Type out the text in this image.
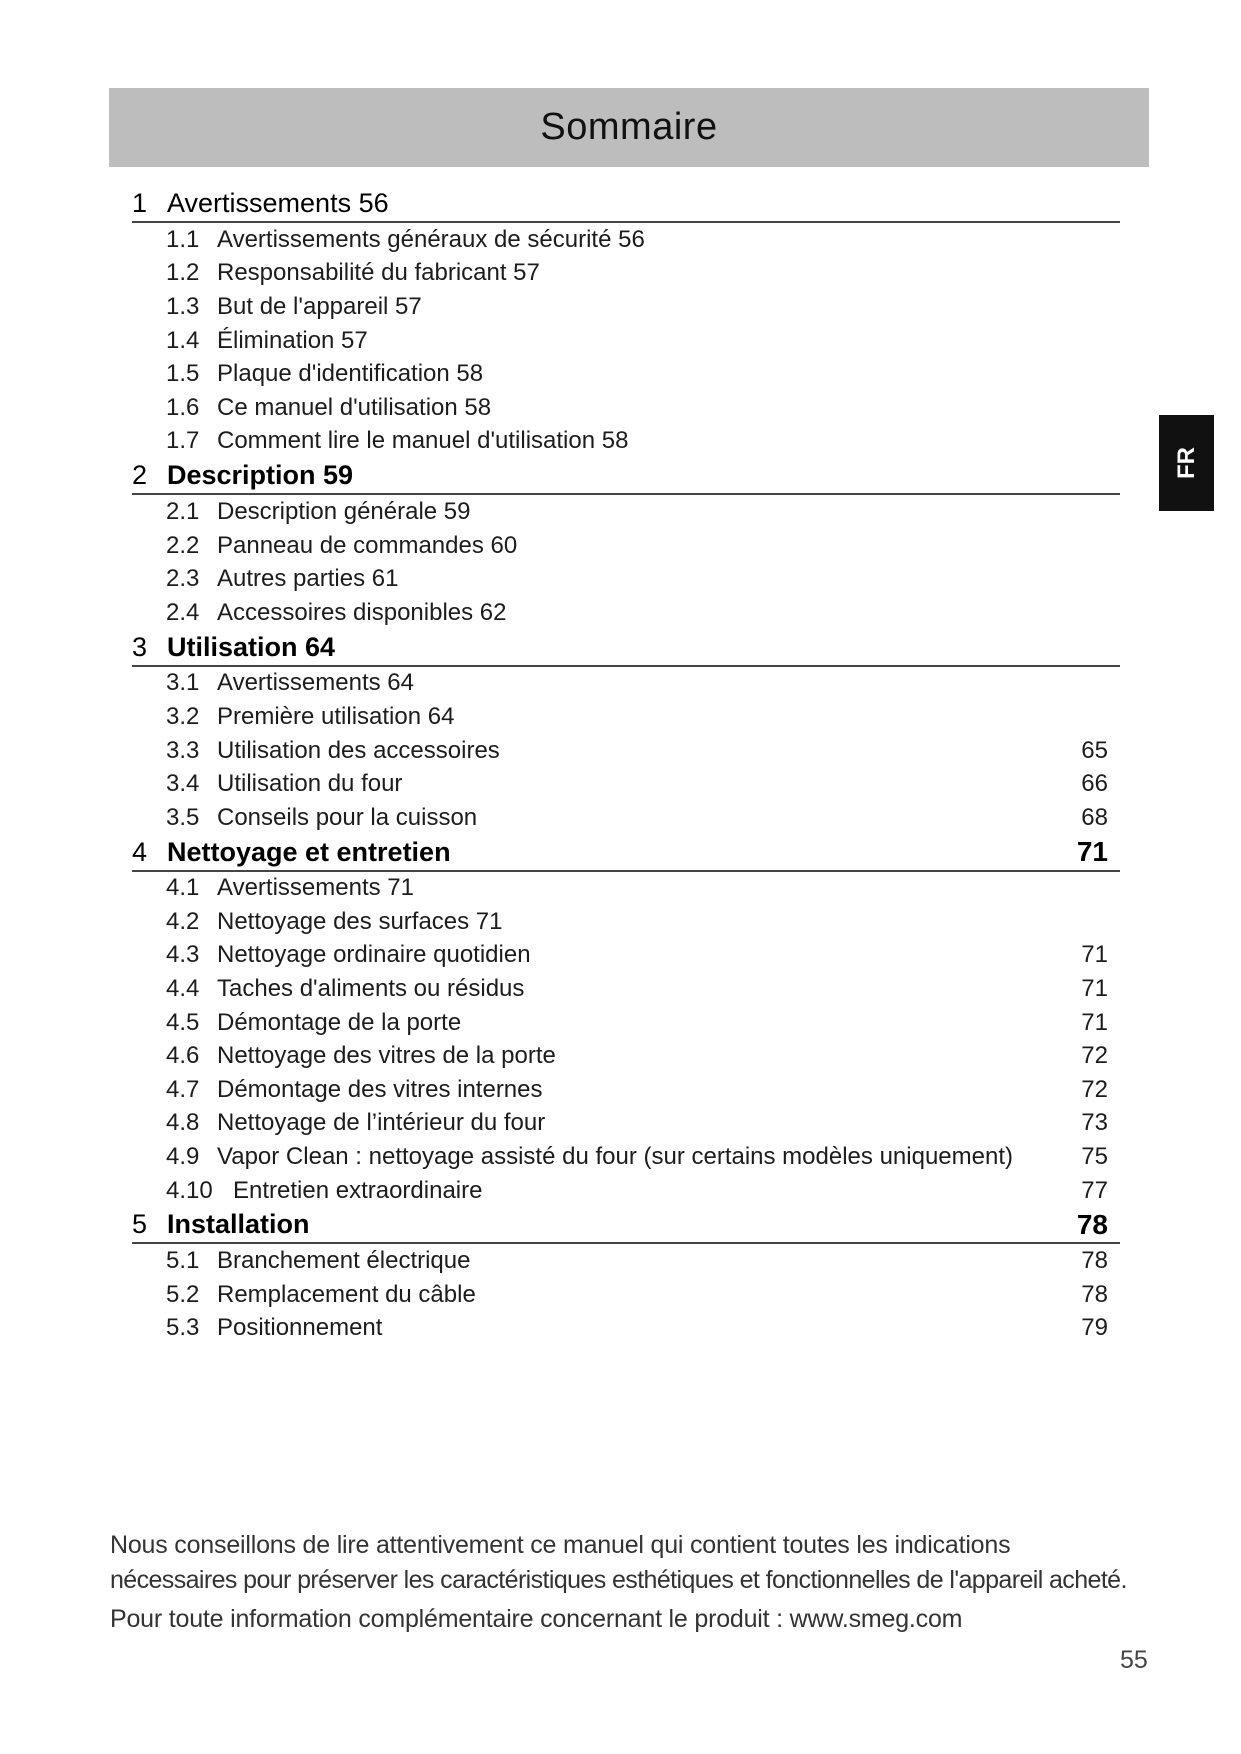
Sommaire
FR
1 Avertissements 56
1.1 Avertissements généraux de sécurité 56
1.2 Responsabilité du fabricant 57
1.3 But de l'appareil 57
1.4 Élimination 57
1.5 Plaque d'identification 58
1.6 Ce manuel d'utilisation 58
1.7 Comment lire le manuel d'utilisation 58
2 Description 59
2.1 Description générale 59
2.2 Panneau de commandes 60
2.3 Autres parties 61
2.4 Accessoires disponibles 62
3 Utilisation 64
3.1 Avertissements 64
3.2 Première utilisation 64
3.3 Utilisation des accessoires	65
3.4 Utilisation du four	66
3.5 Conseils pour la cuisson	68
4 Nettoyage et entretien	71
4.1 Avertissements 71
4.2 Nettoyage des surfaces 71
4.3 Nettoyage ordinaire quotidien	71
4.4 Taches d'aliments ou résidus	71
4.5 Démontage de la porte	71
4.6 Nettoyage des vitres de la porte	72
4.7 Démontage des vitres internes	72
4.8 Nettoyage de l’intérieur du four	73
4.9 Vapor Clean : nettoyage assisté du four (sur certains modèles uniquement)	75
4.10 Entretien extraordinaire	77
5 Installation	78
5.1 Branchement électrique	78
5.2 Remplacement du câble	78
5.3 Positionnement	79

Nous conseillons de lire attentivement ce manuel qui contient toutes les indications

nécessaires pour préserver les caractéristiques esthétiques et fonctionnelles de l'appareil acheté.

Pour toute information complémentaire concernant le produit : www.smeg.com

55
